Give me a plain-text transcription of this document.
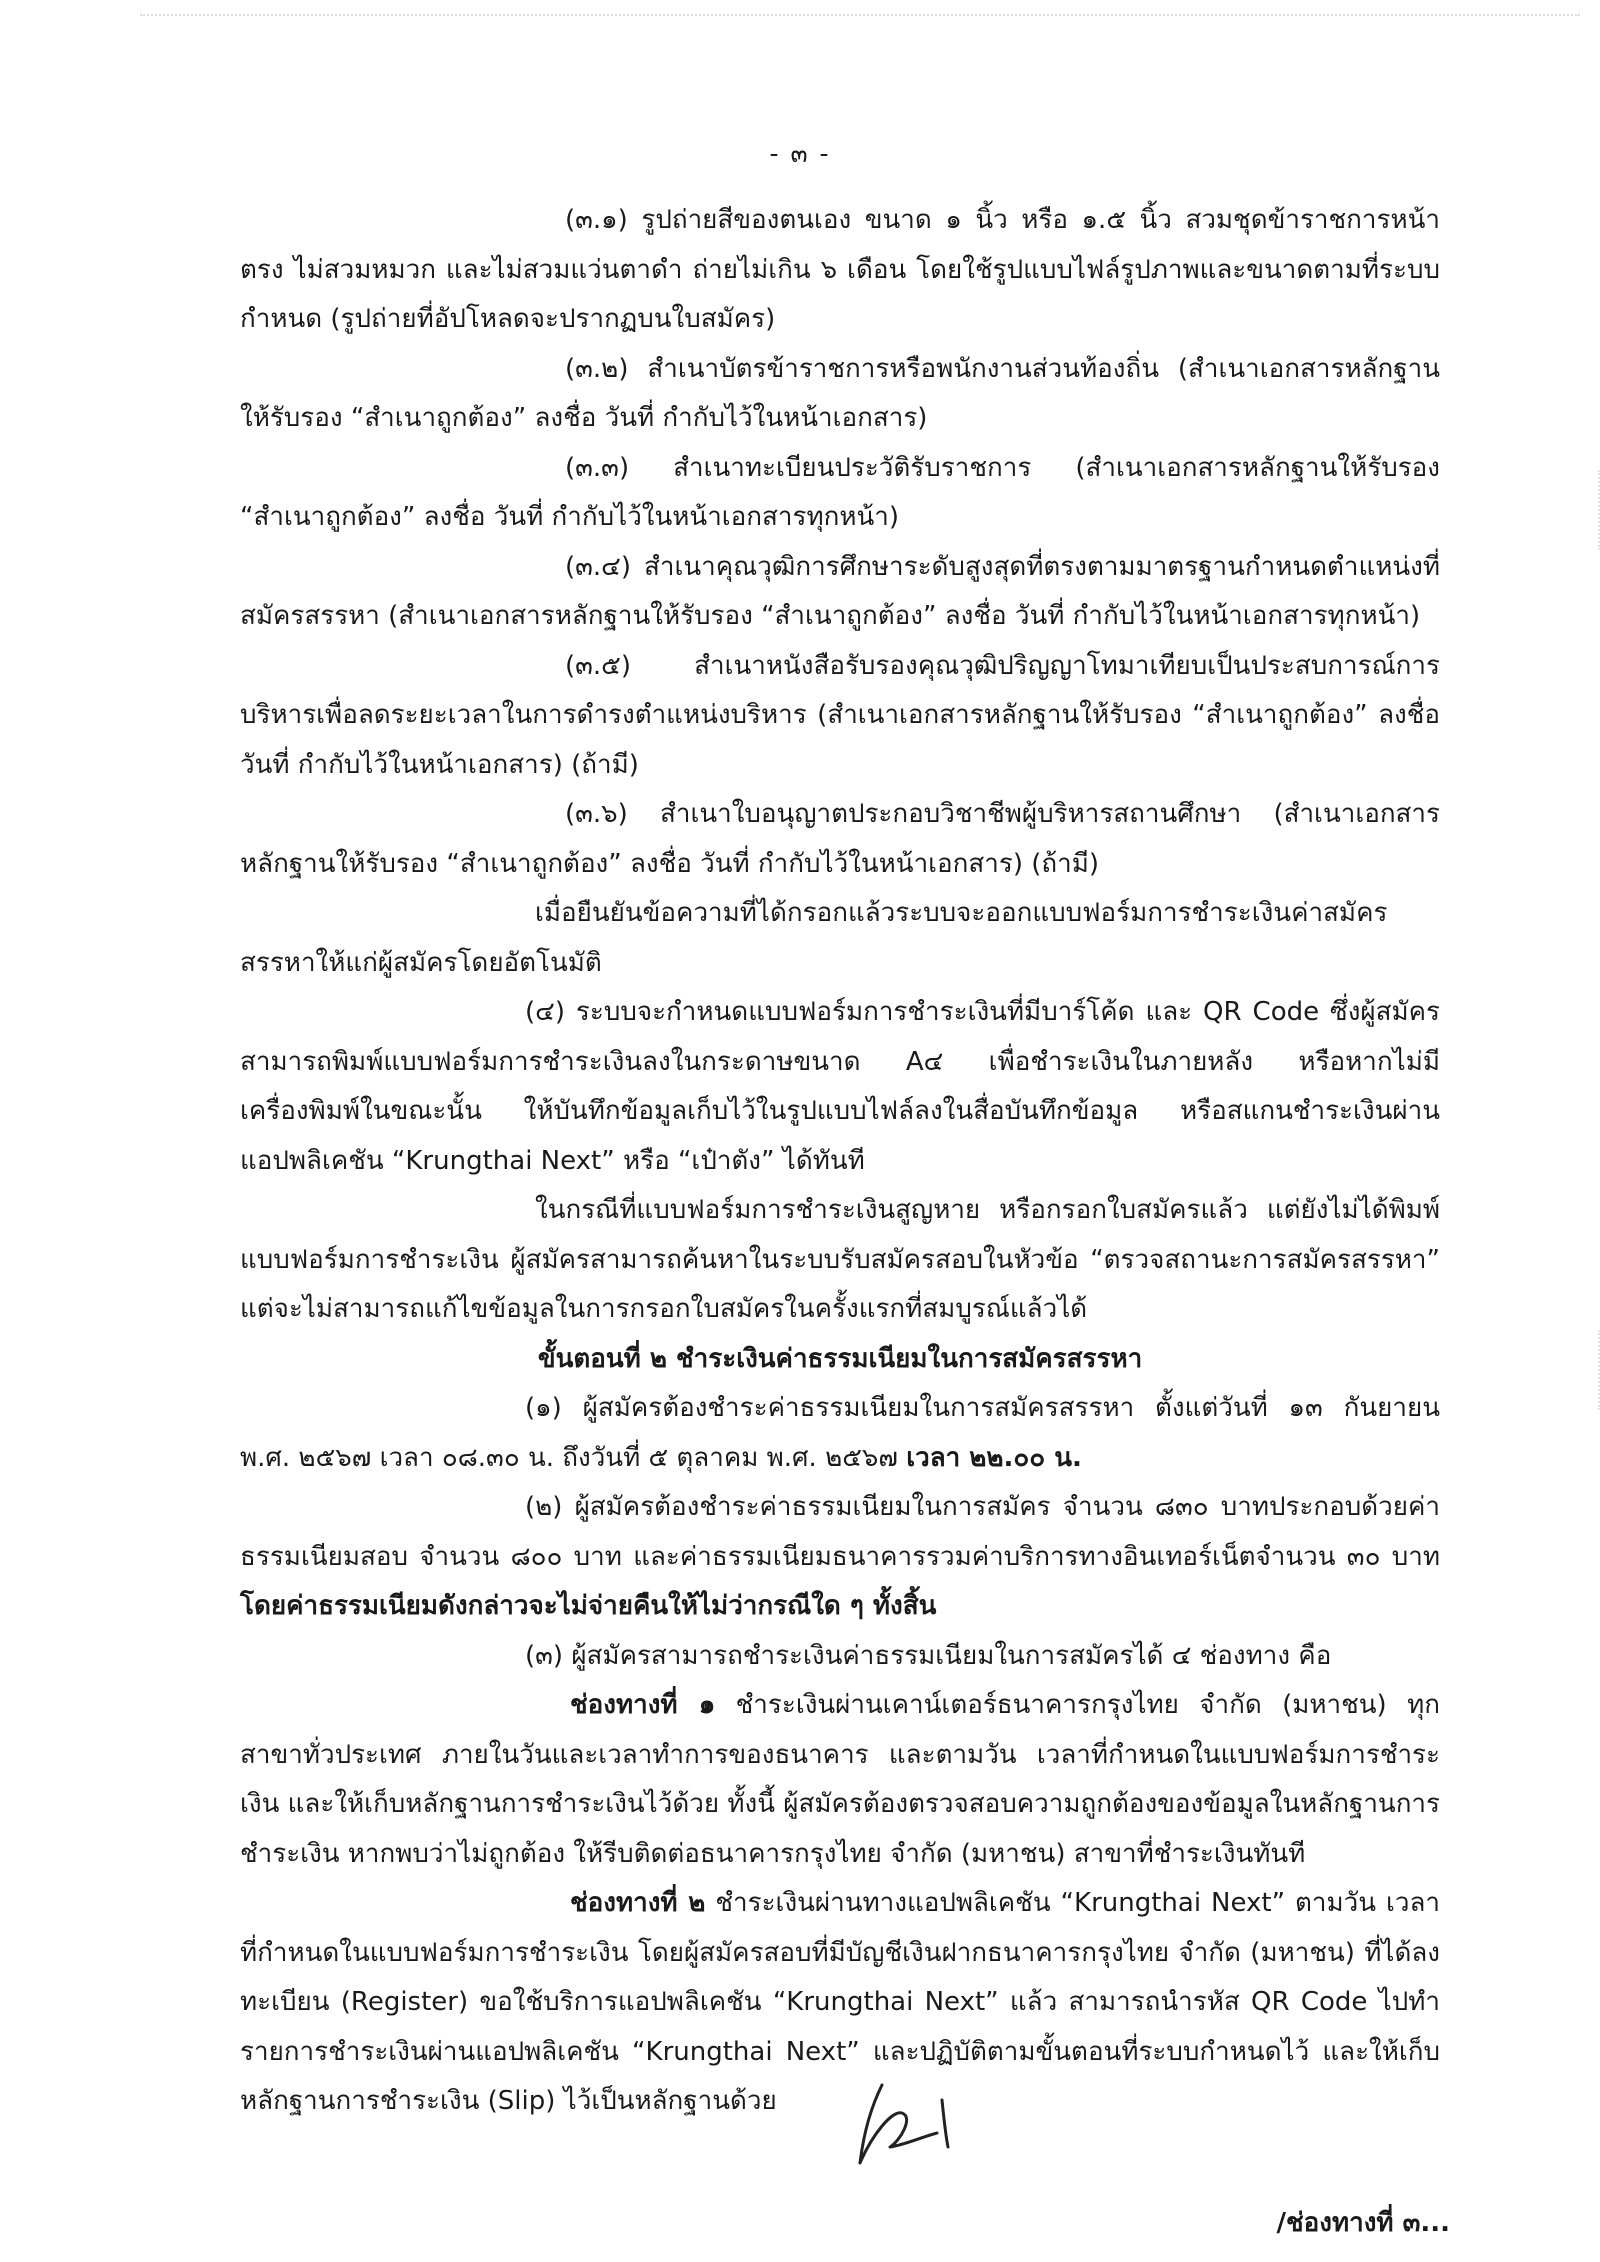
- ๓ -

(๓.๑) รูปถ่ายสีของตนเอง ขนาด ๑ นิ้ว หรือ ๑.๕ นิ้ว สวมชุดข้าราชการหน้าตรง ไม่สวมหมวก และไม่สวมแว่นตาดำ ถ่ายไม่เกิน ๖ เดือน โดยใช้รูปแบบไฟล์รูปภาพและขนาดตามที่ระบบกำหนด (รูปถ่ายที่อัปโหลดจะปรากฏบนใบสมัคร)

(๓.๒) สำเนาบัตรข้าราชการหรือพนักงานส่วนท้องถิ่น (สำเนาเอกสารหลักฐานให้รับรอง “สำเนาถูกต้อง” ลงชื่อ วันที่ กำกับไว้ในหน้าเอกสาร)

(๓.๓) สำเนาทะเบียนประวัติรับราชการ (สำเนาเอกสารหลักฐานให้รับรอง “สำเนาถูกต้อง” ลงชื่อ วันที่ กำกับไว้ในหน้าเอกสารทุกหน้า)

(๓.๔) สำเนาคุณวุฒิการศึกษาระดับสูงสุดที่ตรงตามมาตรฐานกำหนดตำแหน่งที่สมัครสรรหา (สำเนาเอกสารหลักฐานให้รับรอง “สำเนาถูกต้อง” ลงชื่อ วันที่ กำกับไว้ในหน้าเอกสารทุกหน้า)

(๓.๕) สำเนาหนังสือรับรองคุณวุฒิปริญญาโทมาเทียบเป็นประสบการณ์การบริหารเพื่อลดระยะเวลาในการดำรงตำแหน่งบริหาร (สำเนาเอกสารหลักฐานให้รับรอง “สำเนาถูกต้อง” ลงชื่อ วันที่ กำกับไว้ในหน้าเอกสาร) (ถ้ามี)

(๓.๖) สำเนาใบอนุญาตประกอบวิชาชีพผู้บริหารสถานศึกษา (สำเนาเอกสารหลักฐานให้รับรอง “สำเนาถูกต้อง” ลงชื่อ วันที่ กำกับไว้ในหน้าเอกสาร) (ถ้ามี)

เมื่อยืนยันข้อความที่ได้กรอกแล้วระบบจะออกแบบฟอร์มการชำระเงินค่าสมัครสรรหาให้แก่ผู้สมัครโดยอัตโนมัติ

(๔) ระบบจะกำหนดแบบฟอร์มการชำระเงินที่มีบาร์โค้ด และ QR Code ซึ่งผู้สมัครสามารถพิมพ์แบบฟอร์มการชำระเงินลงในกระดาษขนาด A๔ เพื่อชำระเงินในภายหลัง หรือหากไม่มีเครื่องพิมพ์ในขณะนั้น ให้บันทึกข้อมูลเก็บไว้ในรูปแบบไฟล์ลงในสื่อบันทึกข้อมูล หรือสแกนชำระเงินผ่านแอปพลิเคชัน “Krungthai Next” หรือ “เป๋าตัง” ได้ทันที

ในกรณีที่แบบฟอร์มการชำระเงินสูญหาย หรือกรอกใบสมัครแล้ว แต่ยังไม่ได้พิมพ์แบบฟอร์มการชำระเงิน ผู้สมัครสามารถค้นหาในระบบรับสมัครสอบในหัวข้อ “ตรวจสถานะการสมัครสรรหา” แต่จะไม่สามารถแก้ไขข้อมูลในการกรอกใบสมัครในครั้งแรกที่สมบูรณ์แล้วได้

ขั้นตอนที่ ๒ ชำระเงินค่าธรรมเนียมในการสมัครสรรหา

(๑) ผู้สมัครต้องชำระค่าธรรมเนียมในการสมัครสรรหา ตั้งแต่วันที่ ๑๓ กันยายน พ.ศ. ๒๕๖๗ เวลา ๐๘.๓๐ น. ถึงวันที่ ๕ ตุลาคม พ.ศ. ๒๕๖๗ เวลา ๒๒.๐๐ น.

(๒) ผู้สมัครต้องชำระค่าธรรมเนียมในการสมัคร จำนวน ๘๓๐ บาทประกอบด้วยค่าธรรมเนียมสอบ จำนวน ๘๐๐ บาท และค่าธรรมเนียมธนาคารรวมค่าบริการทางอินเทอร์เน็ตจำนวน ๓๐ บาท โดยค่าธรรมเนียมดังกล่าวจะไม่จ่ายคืนให้ไม่ว่ากรณีใด ๆ ทั้งสิ้น

(๓) ผู้สมัครสามารถชำระเงินค่าธรรมเนียมในการสมัครได้ ๔ ช่องทาง คือ

ช่องทางที่ ๑ ชำระเงินผ่านเคาน์เตอร์ธนาคารกรุงไทย จำกัด (มหาชน) ทุกสาขาทั่วประเทศ ภายในวันและเวลาทำการของธนาคาร และตามวัน เวลาที่กำหนดในแบบฟอร์มการชำระเงิน และให้เก็บหลักฐานการชำระเงินไว้ด้วย ทั้งนี้ ผู้สมัครต้องตรวจสอบความถูกต้องของข้อมูลในหลักฐานการชำระเงิน หากพบว่าไม่ถูกต้อง ให้รีบติดต่อธนาคารกรุงไทย จำกัด (มหาชน) สาขาที่ชำระเงินทันที

ช่องทางที่ ๒ ชำระเงินผ่านทางแอปพลิเคชัน “Krungthai Next” ตามวัน เวลาที่กำหนดในแบบฟอร์มการชำระเงิน โดยผู้สมัครสอบที่มีบัญชีเงินฝากธนาคารกรุงไทย จำกัด (มหาชน) ที่ได้ลงทะเบียน (Register) ขอใช้บริการแอปพลิเคชัน “Krungthai Next” แล้ว สามารถนำรหัส QR Code ไปทำรายการชำระเงินผ่านแอปพลิเคชัน “Krungthai Next” และปฏิบัติตามขั้นตอนที่ระบบกำหนดไว้ และให้เก็บหลักฐานการชำระเงิน (Slip) ไว้เป็นหลักฐานด้วย

/ช่องทางที่ ๓...
